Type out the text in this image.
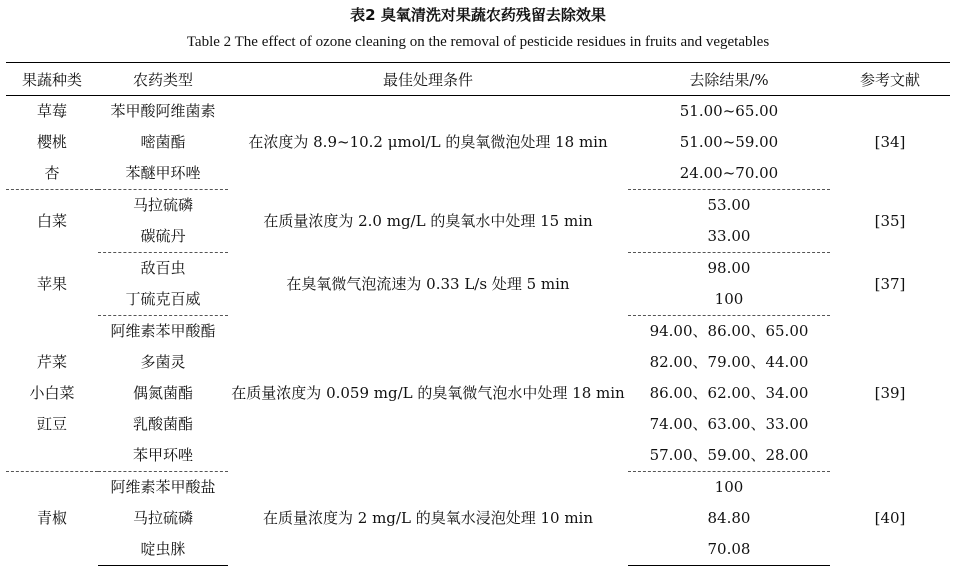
表2 臭氧清洗对果蔬农药残留去除效果
Table 2 The effect of ozone cleaning on the removal of pesticide residues in fruits and vegetables
果蔬种类	农药类型	最佳处理条件	去除结果/%	参考文献
草莓	苯甲酸阿维菌素	在浓度为 8.9~10.2 μmol/L 的臭氧微泡处理 18 min	51.00~65.00	[34]
樱桃	嘧菌酯		51.00~59.00	
杏	苯醚甲环唑		24.00~70.00	
白菜	马拉硫磷	在质量浓度为 2.0 mg/L 的臭氧水中处理 15 min	53.00	[35]
	碳硫丹		33.00	
苹果	敌百虫	在臭氧微气泡流速为 0.33 L/s 处理 5 min	98.00	[37]
	丁硫克百威		100	
	阿维素苯甲酸酯	在质量浓度为 0.059 mg/L 的臭氧微气泡水中处理 18 min	94.00、86.00、65.00	[39]
芹菜	多菌灵		82.00、79.00、44.00	
小白菜	偶氮菌酯		86.00、62.00、34.00	
豇豆	乳酸菌酯		74.00、63.00、33.00	
	苯甲环唑		57.00、59.00、28.00	
青椒	阿维素苯甲酸盐	在质量浓度为 2 mg/L 的臭氧水浸泡处理 10 min	100	[40]
	马拉硫磷		84.80	
	啶虫脒		70.08	
